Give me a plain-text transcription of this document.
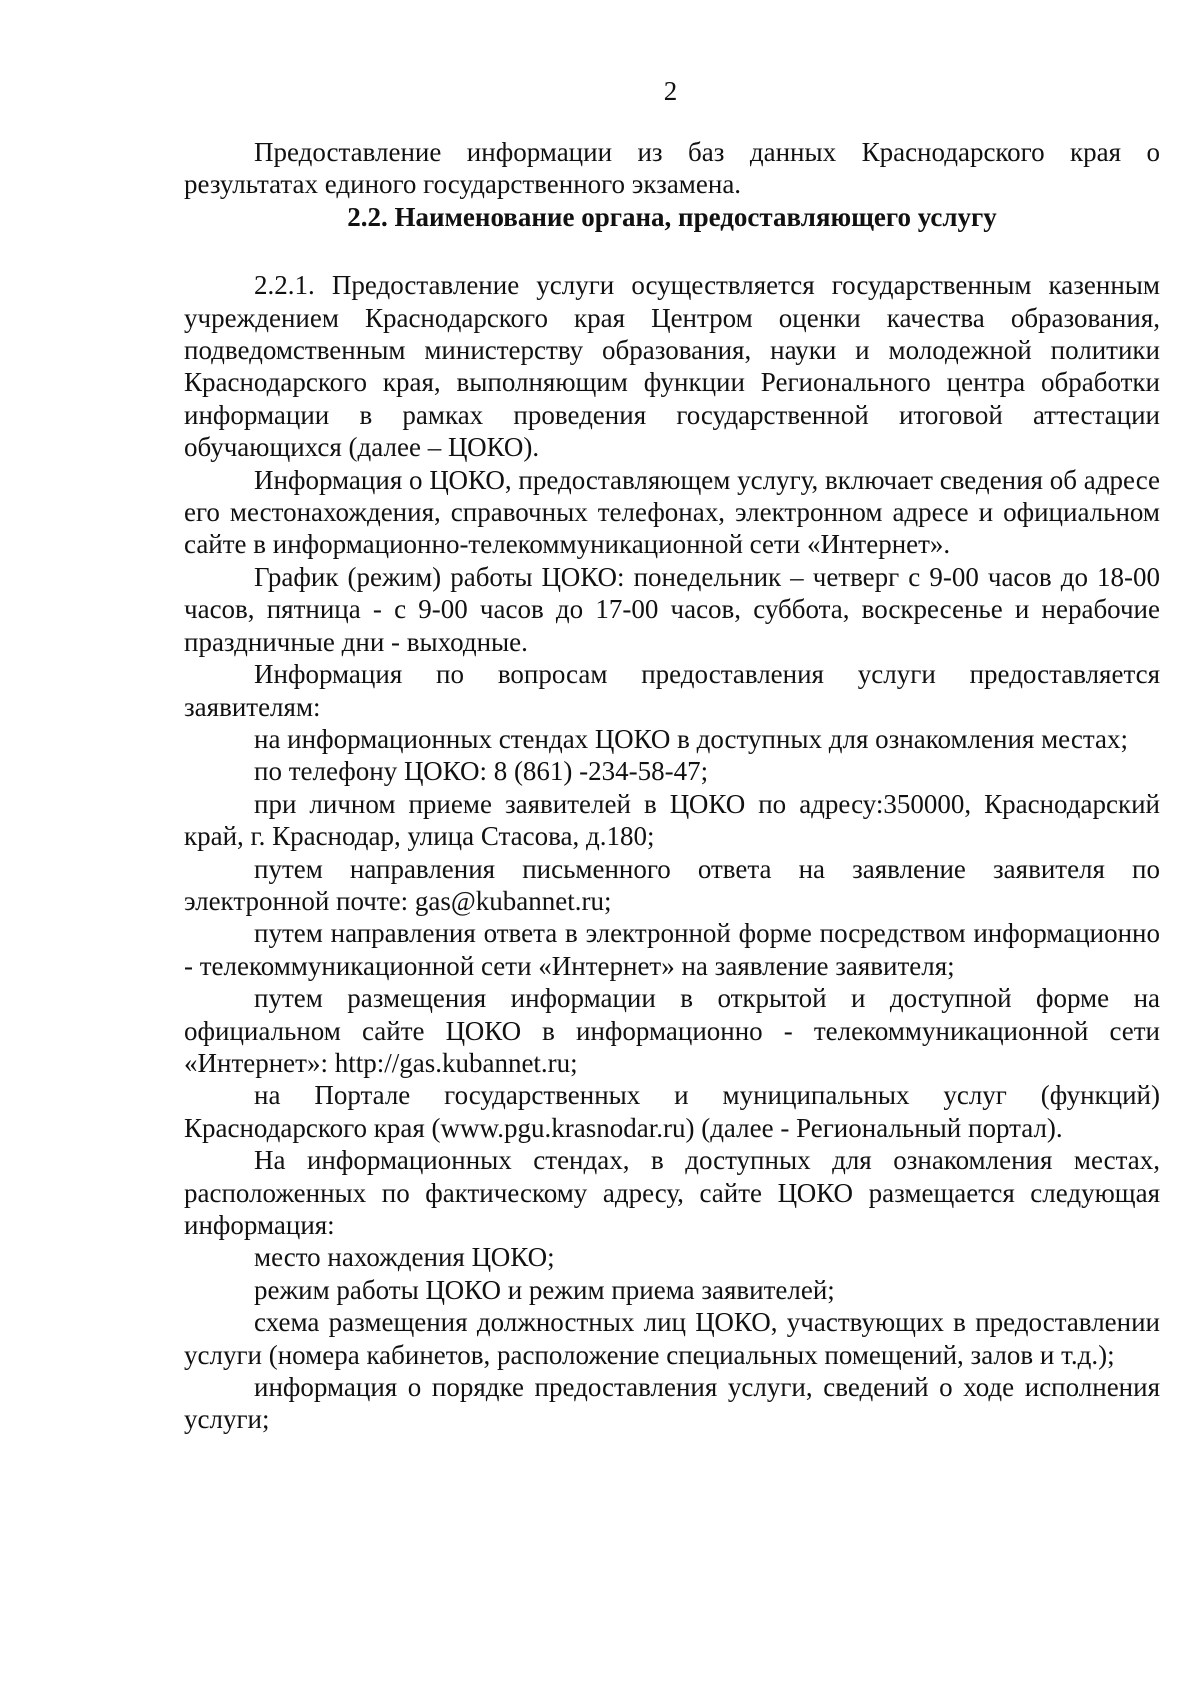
2

Предоставление информации из баз данных Краснодарского края о результатах единого государственного экзамена.

2.2. Наименование органа, предоставляющего услугу

2.2.1. Предоставление услуги осуществляется государственным казенным учреждением Краснодарского края Центром оценки качества образования, подведомственным министерству образования, науки и молодежной политики Краснодарского края, выполняющим функции Регионального центра обработки информации в рамках проведения государственной итоговой аттестации обучающихся (далее – ЦОКО).

Информация о ЦОКО, предоставляющем услугу, включает сведения об адресе его местонахождения, справочных телефонах, электронном адресе и официальном сайте в информационно-телекоммуникационной сети «Интернет».

График (режим) работы ЦОКО: понедельник – четверг с 9-00 часов до 18-00 часов, пятница - с 9-00 часов до 17-00 часов, суббота, воскресенье и нерабочие праздничные дни - выходные.

Информация по вопросам предоставления услуги предоставляется заявителям:

на информационных стендах ЦОКО в доступных для ознакомления местах;

по телефону ЦОКО: 8 (861) -234-58-47;

при личном приеме заявителей в ЦОКО по адресу:350000, Краснодарский край, г. Краснодар, улица Стасова, д.180;

путем направления письменного ответа на заявление заявителя по электронной почте: gas@kubannet.ru;

путем направления ответа в электронной форме посредством информационно - телекоммуникационной сети «Интернет» на заявление заявителя;

путем размещения информации в открытой и доступной форме на официальном сайте ЦОКО в информационно - телекоммуникационной сети «Интернет»: http://gas.kubannet.ru;

на Портале государственных и муниципальных услуг (функций) Краснодарского края (www.pgu.krasnodar.ru) (далее - Региональный портал).

На информационных стендах, в доступных для ознакомления местах, расположенных по фактическому адресу, сайте ЦОКО размещается следующая информация:

место нахождения ЦОКО;

режим работы ЦОКО и режим приема заявителей;

схема размещения должностных лиц ЦОКО, участвующих в предоставлении услуги (номера кабинетов, расположение специальных помещений, залов и т.д.);

информация о порядке предоставления услуги, сведений о ходе исполнения услуги;
